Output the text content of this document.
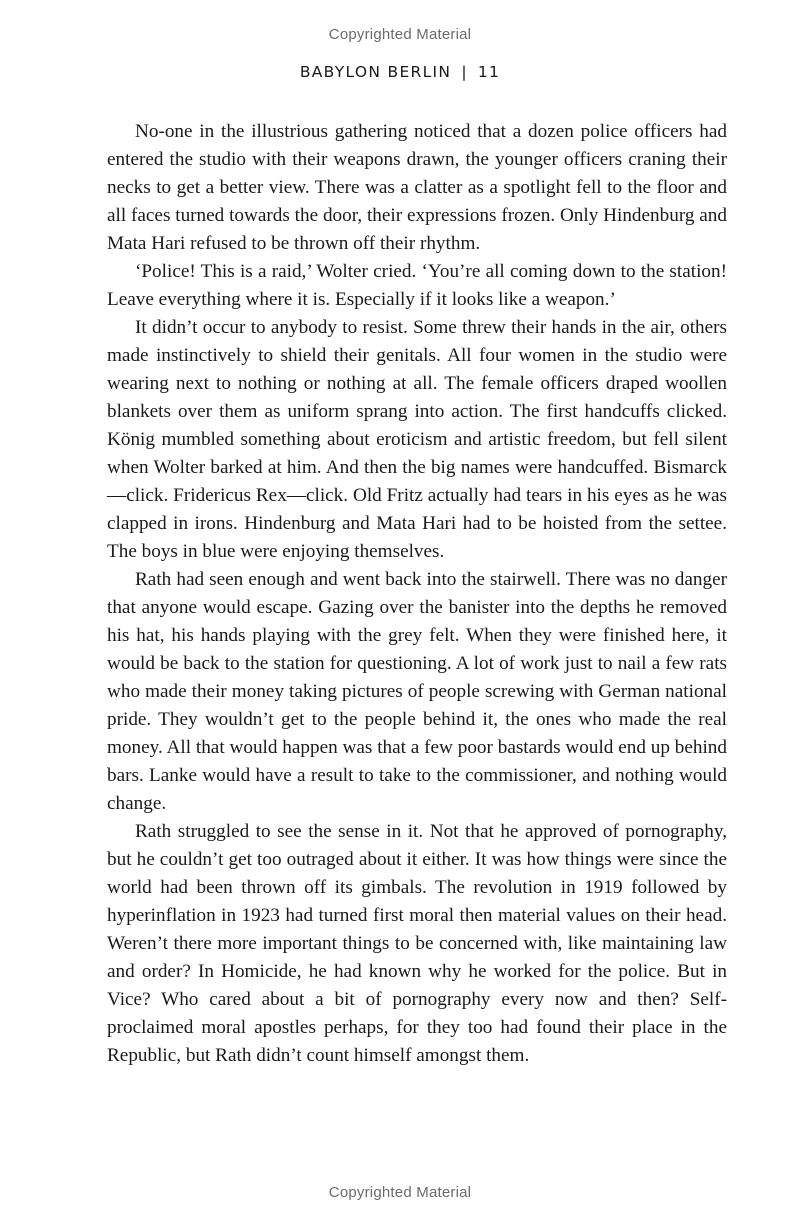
Copyrighted Material
BABYLON BERLIN | 11

No-one in the illustrious gathering noticed that a dozen police officers had entered the studio with their weapons drawn, the younger officers craning their necks to get a better view. There was a clatter as a spotlight fell to the floor and all faces turned towards the door, their expressions frozen. Only Hindenburg and Mata Hari refused to be thrown off their rhythm.

‘Police! This is a raid,’ Wolter cried. ‘You’re all coming down to the station! Leave everything where it is. Especially if it looks like a weapon.’

It didn’t occur to anybody to resist. Some threw their hands in the air, others made instinctively to shield their genitals. All four women in the studio were wearing next to nothing or nothing at all. The female officers draped woollen blankets over them as uniform sprang into action. The first handcuffs clicked. König mumbled something about eroticism and artistic freedom, but fell silent when Wolter barked at him. And then the big names were handcuffed. Bismarck—click. Fridericus Rex—click. Old Fritz actually had tears in his eyes as he was clapped in irons. Hindenburg and Mata Hari had to be hoisted from the settee. The boys in blue were enjoying themselves.

Rath had seen enough and went back into the stairwell. There was no danger that anyone would escape. Gazing over the banister into the depths he removed his hat, his hands playing with the grey felt. When they were finished here, it would be back to the station for questioning. A lot of work just to nail a few rats who made their money taking pictures of people screwing with German national pride. They wouldn’t get to the people behind it, the ones who made the real money. All that would happen was that a few poor bastards would end up behind bars. Lanke would have a result to take to the commissioner, and nothing would change.

Rath struggled to see the sense in it. Not that he approved of pornography, but he couldn’t get too outraged about it either. It was how things were since the world had been thrown off its gimbals. The revolution in 1919 followed by hyperinflation in 1923 had turned first moral then material values on their head. Weren’t there more important things to be concerned with, like maintaining law and order? In Homicide, he had known why he worked for the police. But in Vice? Who cared about a bit of pornography every now and then? Self-proclaimed moral apostles perhaps, for they too had found their place in the Republic, but Rath didn’t count himself amongst them.

Copyrighted Material
